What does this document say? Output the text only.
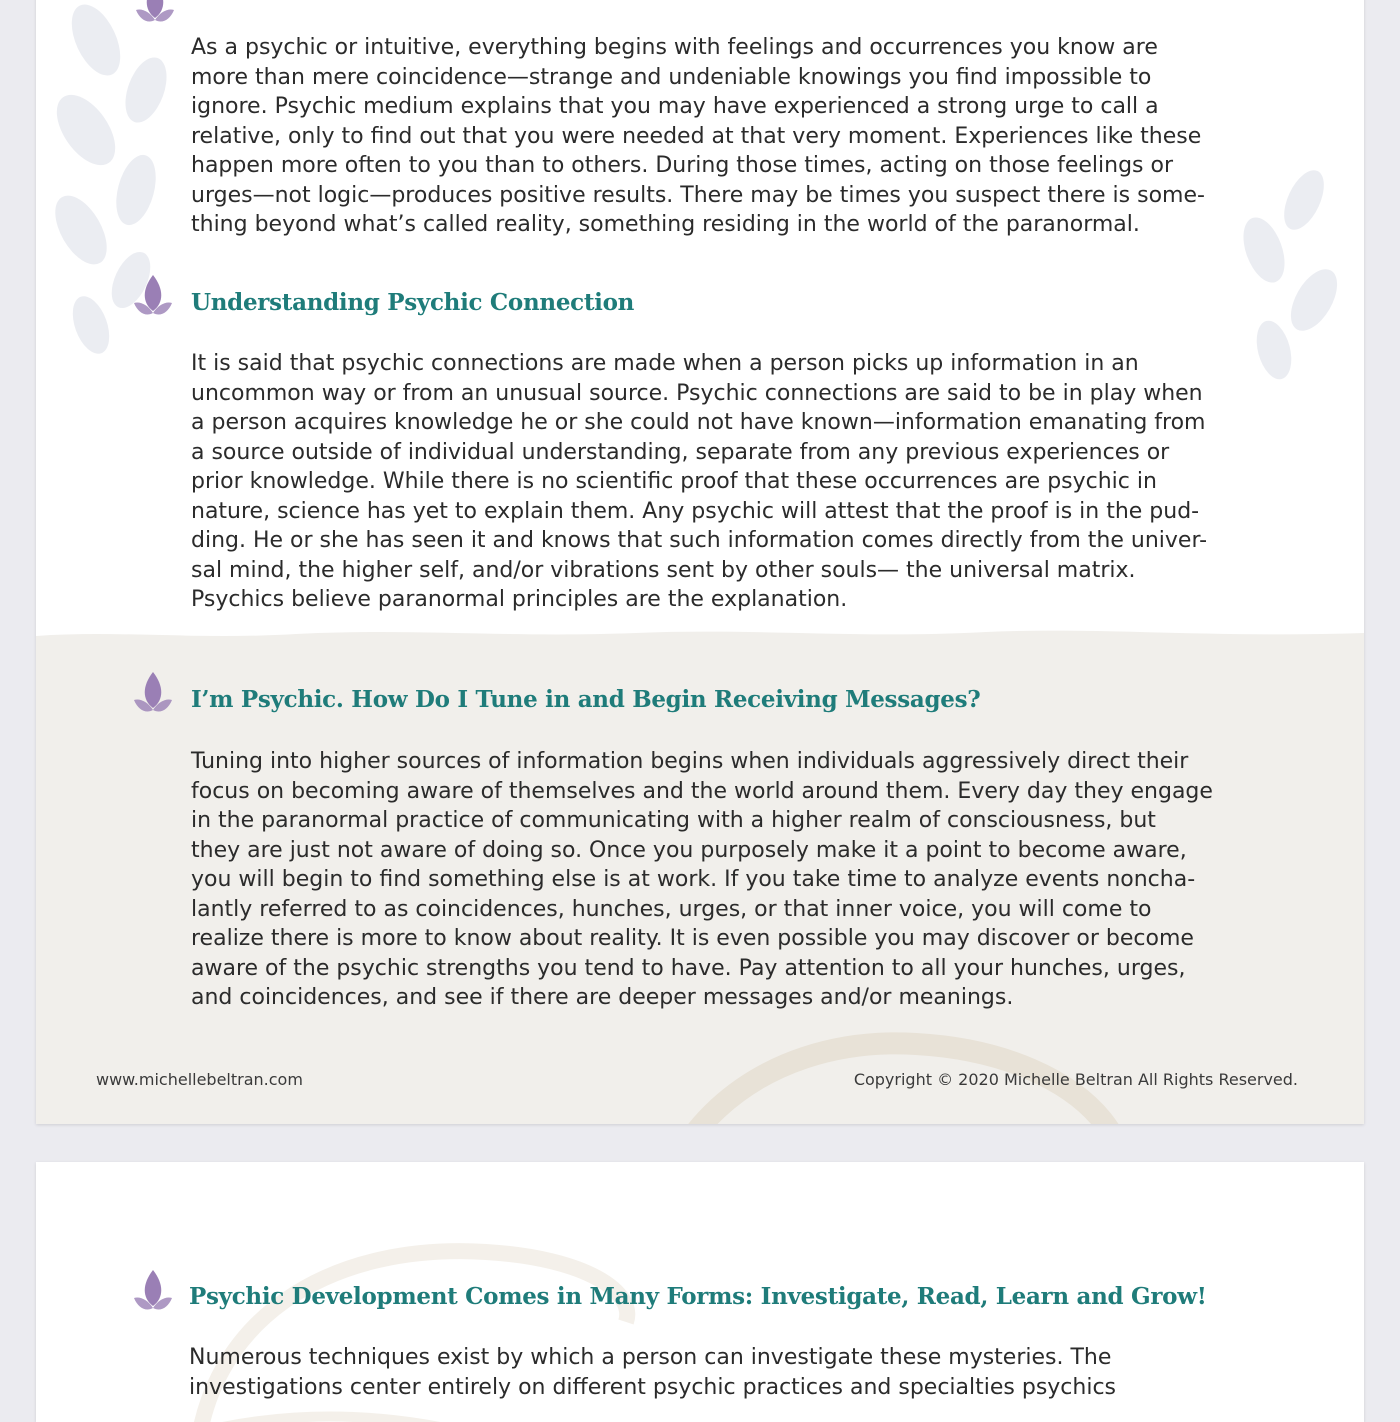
As a psychic or intuitive, everything begins with feelings and occurrences you know are
more than mere coincidence—strange and undeniable knowings you find impossible to
ignore. Psychic medium explains that you may have experienced a strong urge to call a
relative, only to find out that you were needed at that very moment. Experiences like these
happen more often to you than to others. During those times, acting on those feelings or
urges—not logic—produces positive results. There may be times you suspect there is some-
thing beyond what’s called reality, something residing in the world of the paranormal.
Understanding Psychic Connection
It is said that psychic connections are made when a person picks up information in an
uncommon way or from an unusual source. Psychic connections are said to be in play when
a person acquires knowledge he or she could not have known—information emanating from
a source outside of individual understanding, separate from any previous experiences or
prior knowledge. While there is no scientific proof that these occurrences are psychic in
nature, science has yet to explain them. Any psychic will attest that the proof is in the pud-
ding. He or she has seen it and knows that such information comes directly from the univer-
sal mind, the higher self, and/or vibrations sent by other souls— the universal matrix.
Psychics believe paranormal principles are the explanation.
I’m Psychic. How Do I Tune in and Begin Receiving Messages?
Tuning into higher sources of information begins when individuals aggressively direct their
focus on becoming aware of themselves and the world around them. Every day they engage
in the paranormal practice of communicating with a higher realm of consciousness, but
they are just not aware of doing so. Once you purposely make it a point to become aware,
you will begin to find something else is at work. If you take time to analyze events noncha-
lantly referred to as coincidences, hunches, urges, or that inner voice, you will come to
realize there is more to know about reality. It is even possible you may discover or become
aware of the psychic strengths you tend to have. Pay attention to all your hunches, urges,
and coincidences, and see if there are deeper messages and/or meanings.
www.michellebeltran.com	Copyright © 2020 Michelle Beltran All Rights Reserved.
Psychic Development Comes in Many Forms: Investigate, Read, Learn and Grow!
Numerous techniques exist by which a person can investigate these mysteries. The
investigations center entirely on different psychic practices and specialties psychics
